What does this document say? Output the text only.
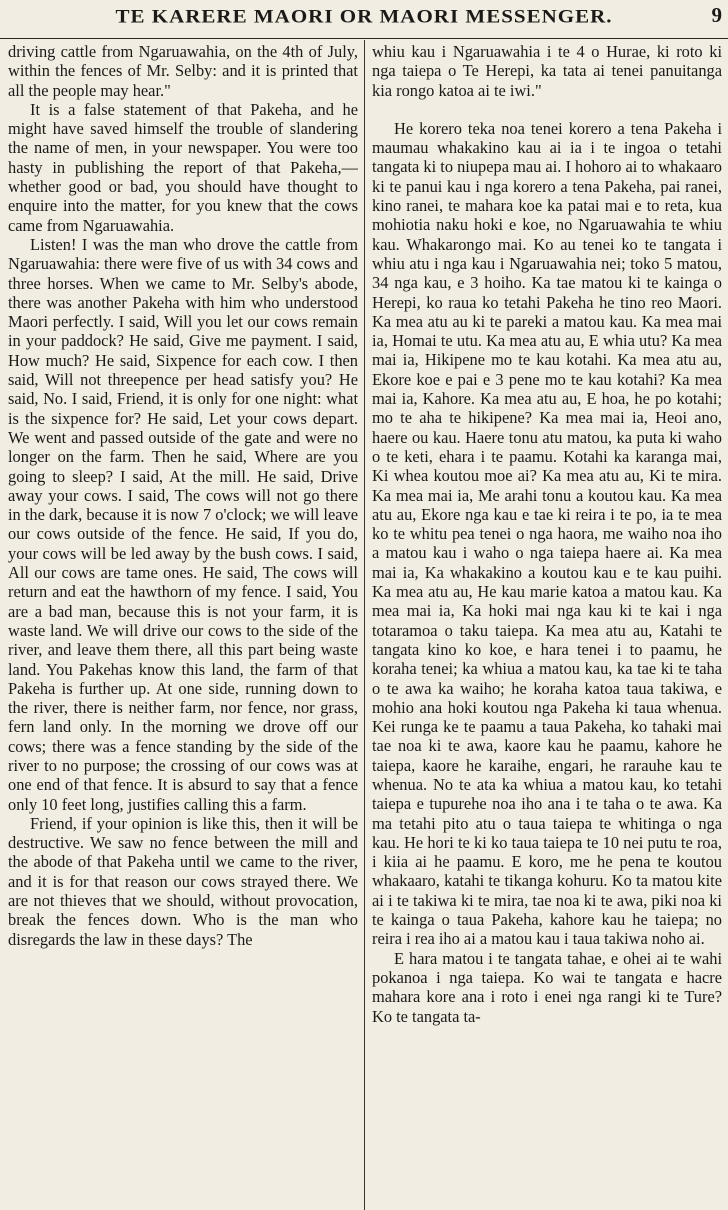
TE KARERE MAORI OR MAORI MESSENGER.	9

driving cattle from Ngaruawahia, on the 4th of July, within the fences of Mr. Selby: and it is printed that all the people may hear."

It is a false statement of that Pakeha, and he might have saved himself the trouble of slandering the name of men, in your newspaper. You were too hasty in publishing the report of that Pakeha,—whether good or bad, you should have thought to enquire into the matter, for you knew that the cows came from Ngaruawahia.

Listen! I was the man who drove the cattle from Ngaruawahia: there were five of us with 34 cows and three horses. When we came to Mr. Selby's abode, there was another Pakeha with him who understood Maori perfectly. I said, Will you let our cows remain in your paddock? He said, Give me payment. I said, How much? He said, Sixpence for each cow. I then said, Will not threepence per head satisfy you? He said, No. I said, Friend, it is only for one night: what is the sixpence for? He said, Let your cows depart. We went and passed outside of the gate and were no longer on the farm. Then he said, Where are you going to sleep? I said, At the mill. He said, Drive away your cows. I said, The cows will not go there in the dark, because it is now 7 o'clock; we will leave our cows outside of the fence. He said, If you do, your cows will be led away by the bush cows. I said, All our cows are tame ones. He said, The cows will return and eat the hawthorn of my fence. I said, You are a bad man, because this is not your farm, it is waste land. We will drive our cows to the side of the river, and leave them there, all this part being waste land. You Pakehas know this land, the farm of that Pakeha is further up. At one side, running down to the river, there is neither farm, nor fence, nor grass, fern land only. In the morning we drove off our cows; there was a fence standing by the side of the river to no purpose; the crossing of our cows was at one end of that fence. It is absurd to say that a fence only 10 feet long, justifies calling this a farm.

Friend, if your opinion is like this, then it will be destructive. We saw no fence between the mill and the abode of that Pakeha until we came to the river, and it is for that reason our cows strayed there. We are not thieves that we should, without provocation, break the fences down. Who is the man who disregards the law in these days? The

whiu kau i Ngaruawahia i te 4 o Hurae, ki roto ki nga taiepa o Te Herepi, ka tata ai tenei panuitanga kia rongo katoa ai te iwi."

He korero teka noa tenei korero a tena Pakeha i maumau whakakino kau ai ia i te ingoa o tetahi tangata ki to niupepa mau ai. I hohoro ai to whakaaro ki te panui kau i nga korero a tena Pakeha, pai ranei, kino ranei, te mahara koe ka patai mai e to reta, kua mohiotia naku hoki e koe, no Ngaruawahia te whiu kau. Whakarongo mai. Ko au tenei ko te tangata i whiu atu i nga kau i Ngaruawahia nei; toko 5 matou, 34 nga kau, e 3 hoiho. Ka tae matou ki te kainga o Herepi, ko raua ko tetahi Pakeha he tino reo Maori. Ka mea atu au ki te pareki a matou kau. Ka mea mai ia, Homai te utu. Ka mea atu au, E whia utu? Ka mea mai ia, Hikipene mo te kau kotahi. Ka mea atu au, Ekore koe e pai e 3 pene mo te kau kotahi? Ka mea mai ia, Kahore. Ka mea atu au, E hoa, he po kotahi; mo te aha te hikipene? Ka mea mai ia, Heoi ano, haere ou kau. Haere tonu atu matou, ka puta ki waho o te keti, ehara i te paamu. Kotahi ka karanga mai, Ki whea koutou moe ai? Ka mea atu au, Ki te mira. Ka mea mai ia, Me arahi tonu a koutou kau. Ka mea atu au, Ekore nga kau e tae ki reira i te po, ia te mea ko te whitu pea tenei o nga haora, me waiho noa iho a matou kau i waho o nga taiepa haere ai. Ka mea mai ia, Ka whakakino a koutou kau e te kau puihi. Ka mea atu au, He kau marie katoa a matou kau. Ka mea mai ia, Ka hoki mai nga kau ki te kai i nga totaramoa o taku taiepa. Ka mea atu au, Katahi te tangata kino ko koe, e hara tenei i to paamu, he koraha tenei; ka whiua a matou kau, ka tae ki te taha o te awa ka waiho; he koraha katoa taua takiwa, e mohio ana hoki koutou nga Pakeha ki taua whenua. Kei runga ke te paamu a taua Pakeha, ko tahaki mai tae noa ki te awa, kaore kau he paamu, kahore he taiepa, kaore he karaihe, engari, he rarauhe kau te whenua. No te ata ka whiua a matou kau, ko tetahi taiepa e tupurehe noa iho ana i te taha o te awa. Ka ma tetahi pito atu o taua taiepa te whitinga o nga kau. He hori te ki ko taua taiepa te 10 nei putu te roa, i kiia ai he paamu. E koro, me he pena te koutou whakaaro, katahi te tikanga kohuru. Ko ta matou kite ai i te takiwa ki te mira, tae noa ki te awa, piki noa ki te kainga o taua Pakeha, kahore kau he taiepa; no reira i rea iho ai a matou kau i taua takiwa noho ai.

E hara matou i te tangata tahae, e ohei ai te wahi pokanoa i nga taiepa. Ko wai te tangata e hacre mahara kore ana i roto i enei nga rangi ki te Ture? Ko te tangata ta-
